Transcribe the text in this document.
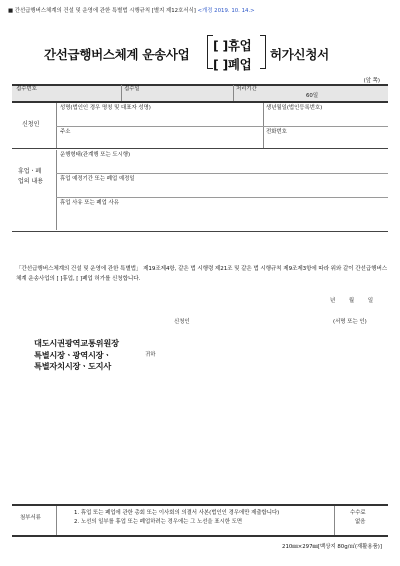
■ 간선급행버스체계의 건설 및 운영에 관한 특별법 시행규칙 [별지 제12호서식] <개정 2019. 10. 14.>
간선급행버스체계 운송사업
[ ]휴업
[ ]폐업
허가신청서
(앞 쪽)
접수번호	접수일	처리기간
60일
신청인
성명(법인인 경우 명칭 및 대표자 성명)	생년월일(법인등록번호)
주소	전화번호
휴업ㆍ폐
업의 내용
운행형태(관계행 또는 도시행)
휴업 예정기간 또는 폐업 예정일
휴업 사유 또는 폐업 사유
「간선급행버스체계의 건설 및 운영에 관한 특별법」 제19조제4항, 같은 법 시행령 제21조 및 같은 법 시행규칙 제9조제3항에 따라 위와 같이 간선급행버스체계 운송사업의 [ ]휴업, [ ]폐업 허가를 신청합니다.
년 월 일
신청인	(서명 또는 인)
대도시권광역교통위원장
특별시장ㆍ광역시장ㆍ
특별자치시장ㆍ도지사
귀하
첨부서류
1. 휴업 또는 폐업에 관한 총회 또는 이사회의 의결서 사본(법인인 경우에만 제출합니다)
2. 노선의 일부를 휴업 또는 폐업하려는 경우에는 그 노선을 표시한 도면
수수료
없음
210㎜×297㎜[백상지 80g/㎡(재활용품)]
